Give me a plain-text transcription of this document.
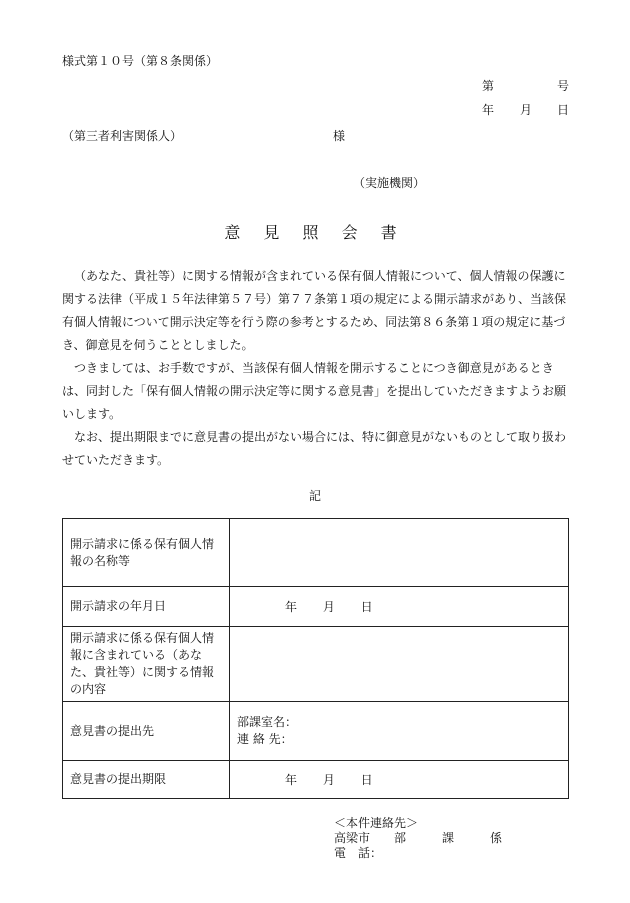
様式第１０号（第８条関係）
第	号
年 月 日
（第三者利害関係人）	様
（実施機関）
意 見 照 会 書

（あなた、貴社等）に関する情報が含まれている保有個人情報について、個人情報の保護に関する法律（平成１５年法律第５７号）第７７条第１項の規定による開示請求があり、当該保有個人情報について開示決定等を行う際の参考とするため、同法第８６条第１項の規定に基づき、御意見を伺うこととしました。

つきましては、お手数ですが、当該保有個人情報を開示することにつき御意見があるときは、同封した「保有個人情報の開示決定等に関する意見書」を提出していただきますようお願いします。

なお、提出期限までに意見書の提出がない場合には、特に御意見がないものとして取り扱わせていただきます。

記
開示請求に係る保有個人情報の名称等	
開示請求の年月日	年 月 日
開示請求に係る保有個人情報に含まれている（あなた、貴社等）に関する情報の内容	
意見書の提出先	部課室名：
連 絡 先：

意見書の提出期限	年 月 日
＜本件連絡先＞
高梁市　　部　　　課　　　係
電　話：
